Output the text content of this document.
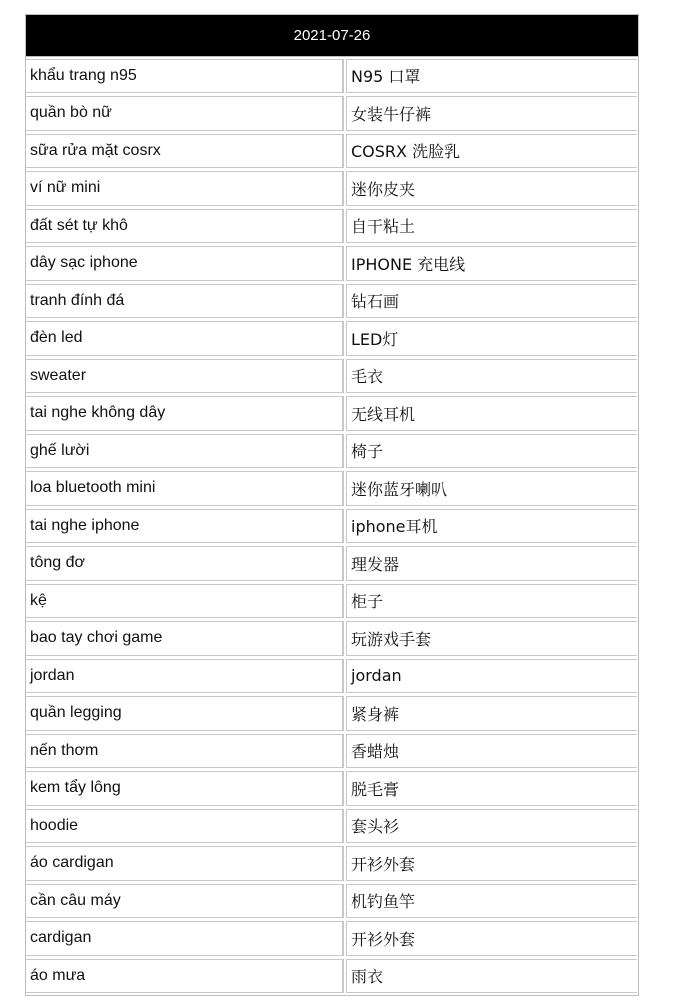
2021-07-26
khẩu trang n95	N95 口罩
quần bò nữ	女装牛仔裤
sữa rửa mặt cosrx	COSRX 洗脸乳
ví nữ mini	迷你皮夹
đất sét tự khô	自干粘土
dây sạc iphone	IPHONE 充电线
tranh đính đá	钻石画
đèn led	LED灯
sweater	毛衣
tai nghe không dây	无线耳机
ghế lười	椅子
loa bluetooth mini	迷你蓝牙喇叭
tai nghe iphone	iphone耳机
tông đơ	理发器
kệ	柜子
bao tay chơi game	玩游戏手套
jordan	jordan
quần legging	紧身裤
nến thơm	香蜡烛
kem tẩy lông	脱毛膏
hoodie	套头衫
áo cardigan	开衫外套
cần câu máy	机钓鱼竿
cardigan	开衫外套
áo mưa	雨衣
